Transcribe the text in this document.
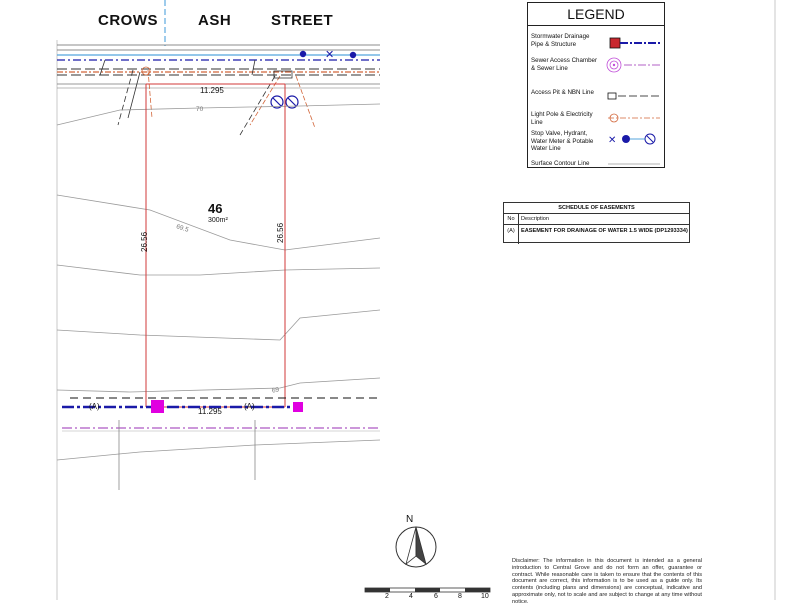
✕
CROWS	ASH	STREET
46
300m²
11.295
11.295
26.56	26.56
70
69.5
69
(A)	(A)
LEGEND
Stormwater Drainage Pipe & Structure
Sewer Access Chamber & Sewer Line
Access Pit & NBN Line
Light Pole & Electricity Line
Stop Valve, Hydrant, Water Meter & Potable Water Line
✕
Surface Contour Line
SCHEDULE OF EASEMENTS
No	Description
(A)	EASEMENT FOR DRAINAGE OF WATER 1.5 WIDE (DP1293334)
N
2	4	6	8	10
Disclaimer: The information in this document is intended as a general introduction to Central Grove and do not form an offer, guarantee or contract. While reasonable care is taken to ensure that the contents of this document are correct, this information is to be used as a guide only. Its contents (including plans and dimensions) are conceptual, indicative and approximate only, not to scale and are subject to change at any time without notice.
